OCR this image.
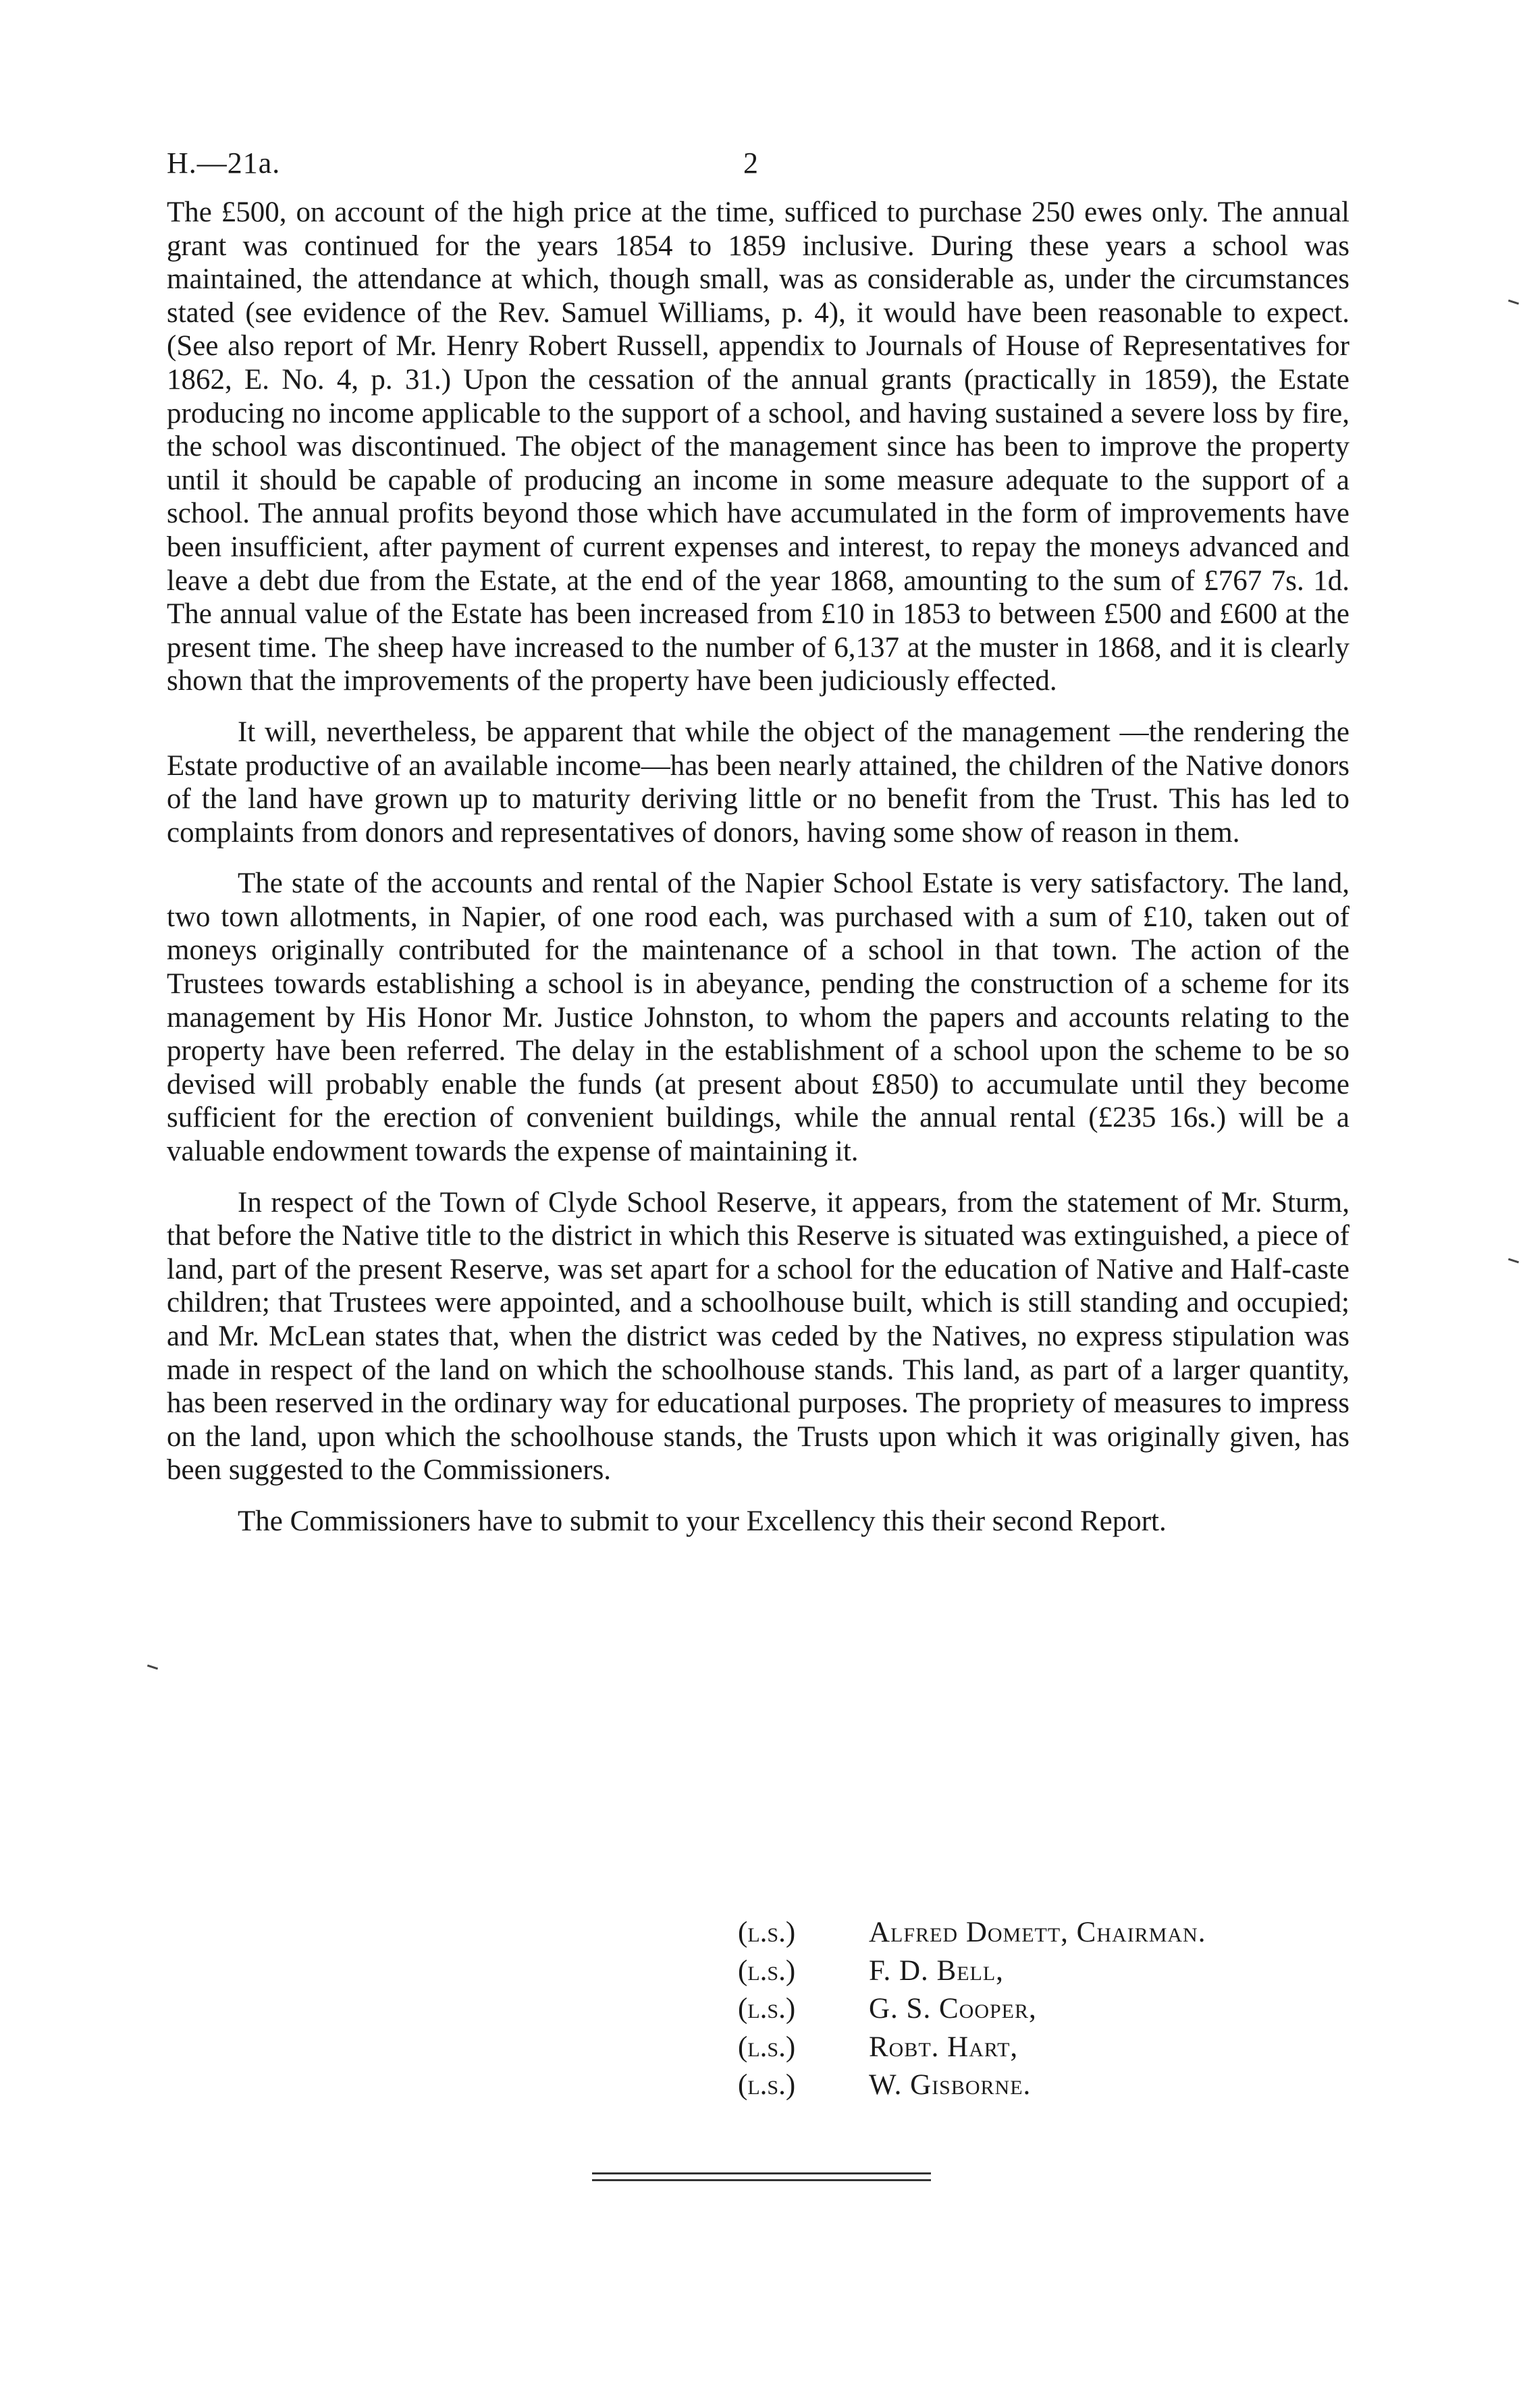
H.—21a.	2

The £500, on account of the high price at the time, sufficed to purchase 250 ewes only. The annual grant was continued for the years 1854 to 1859 inclusive. During these years a school was maintained, the attendance at which, though small, was as considerable as, under the circumstances stated (see evidence of the Rev. Samuel Williams, p. 4), it would have been reasonable to expect. (See also report of Mr. Henry Robert Russell, appendix to Journals of House of Representatives for 1862, E. No. 4, p. 31.) Upon the cessation of the annual grants (practically in 1859), the Estate producing no income applicable to the support of a school, and having sustained a severe loss by fire, the school was discontinued. The object of the management since has been to improve the property until it should be capable of producing an income in some measure adequate to the support of a school. The annual profits beyond those which have accumulated in the form of improvements have been insufficient, after payment of current expenses and interest, to repay the moneys advanced and leave a debt due from the Estate, at the end of the year 1868, amounting to the sum of £767 7s. 1d. The annual value of the Estate has been increased from £10 in 1853 to between £500 and £600 at the present time. The sheep have increased to the number of 6,137 at the muster in 1868, and it is clearly shown that the improvements of the property have been judiciously effected.

It will, nevertheless, be apparent that while the object of the management —the rendering the Estate productive of an available income—has been nearly attained, the children of the Native donors of the land have grown up to maturity deriving little or no benefit from the Trust. This has led to complaints from donors and representatives of donors, having some show of reason in them.

The state of the accounts and rental of the Napier School Estate is very satisfactory. The land, two town allotments, in Napier, of one rood each, was purchased with a sum of £10, taken out of moneys originally contributed for the maintenance of a school in that town. The action of the Trustees towards establishing a school is in abeyance, pending the construction of a scheme for its management by His Honor Mr. Justice Johnston, to whom the papers and accounts relating to the property have been referred. The delay in the establishment of a school upon the scheme to be so devised will probably enable the funds (at present about £850) to accumulate until they become sufficient for the erection of convenient buildings, while the annual rental (£235 16s.) will be a valuable endowment towards the expense of maintaining it.

In respect of the Town of Clyde School Reserve, it appears, from the statement of Mr. Sturm, that before the Native title to the district in which this Reserve is situated was extinguished, a piece of land, part of the present Reserve, was set apart for a school for the education of Native and Half-caste children; that Trustees were appointed, and a schoolhouse built, which is still standing and occupied; and Mr. McLean states that, when the district was ceded by the Natives, no express stipulation was made in respect of the land on which the schoolhouse stands. This land, as part of a larger quantity, has been reserved in the ordinary way for educational purposes. The propriety of measures to impress on the land, upon which the schoolhouse stands, the Trusts upon which it was originally given, has been suggested to the Commissioners.

The Commissioners have to submit to your Excellency this their second Report.

(l.s.)	Alfred Domett, Chairman.
(l.s.)	F. D. Bell,
(l.s.)	G. S. Cooper,
(l.s.)	Robt. Hart,
(l.s.)	W. Gisborne.
